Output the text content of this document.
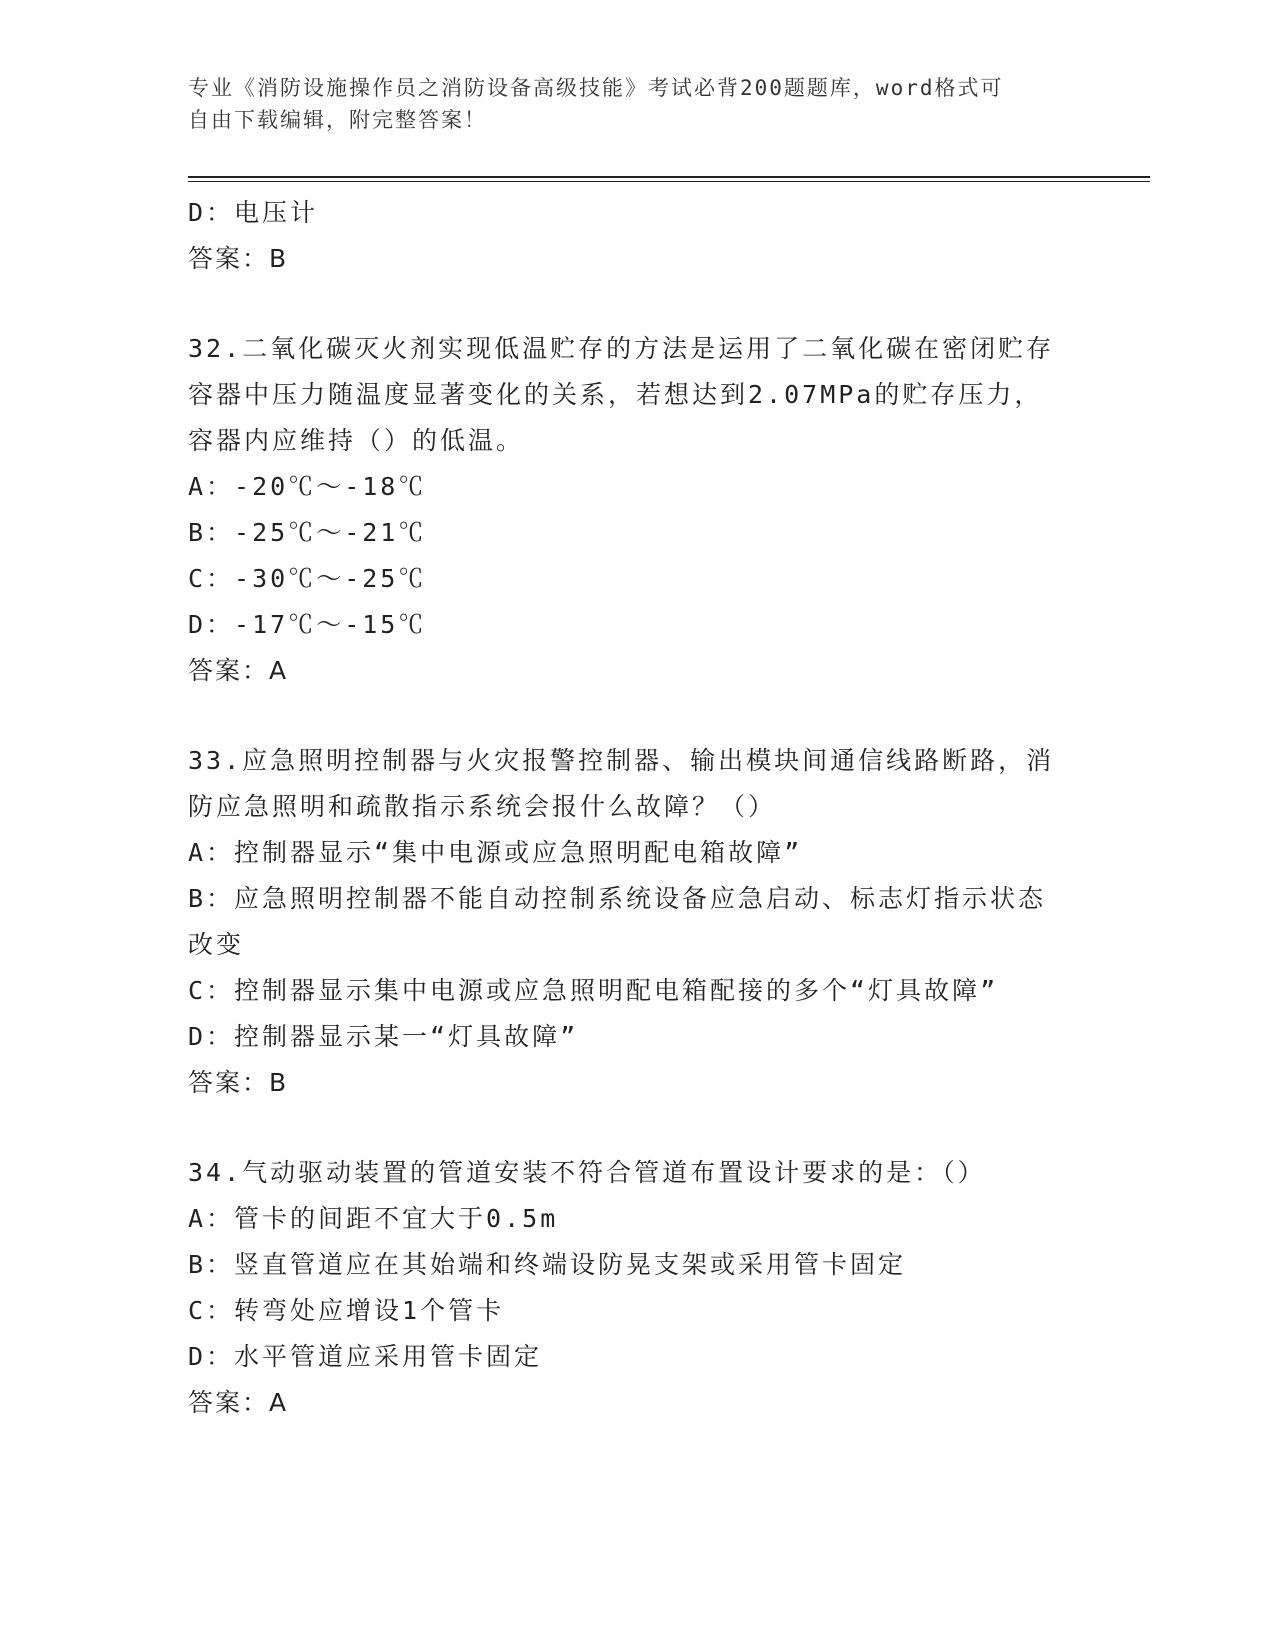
专业《消防设施操作员之消防设备高级技能》考试必背200题题库，word格式可
自由下载编辑，附完整答案！
D：电压计
答案：B
32.二氧化碳灭火剂实现低温贮存的方法是运用了二氧化碳在密闭贮存
容器中压力随温度显著变化的关系，若想达到2.07MPa的贮存压力，
容器内应维持（）的低温。
A：-20℃～-18℃
B：-25℃～-21℃
C：-30℃～-25℃
D：-17℃～-15℃
答案：A
33.应急照明控制器与火灾报警控制器、输出模块间通信线路断路，消
防应急照明和疏散指示系统会报什么故障？（）
A：控制器显示“集中电源或应急照明配电箱故障”
B：应急照明控制器不能自动控制系统设备应急启动、标志灯指示状态
改变
C：控制器显示集中电源或应急照明配电箱配接的多个“灯具故障”
D：控制器显示某一“灯具故障”
答案：B
34.气动驱动装置的管道安装不符合管道布置设计要求的是：（）
A：管卡的间距不宜大于0.5m
B：竖直管道应在其始端和终端设防晃支架或采用管卡固定
C：转弯处应增设1个管卡
D：水平管道应采用管卡固定
答案：A
